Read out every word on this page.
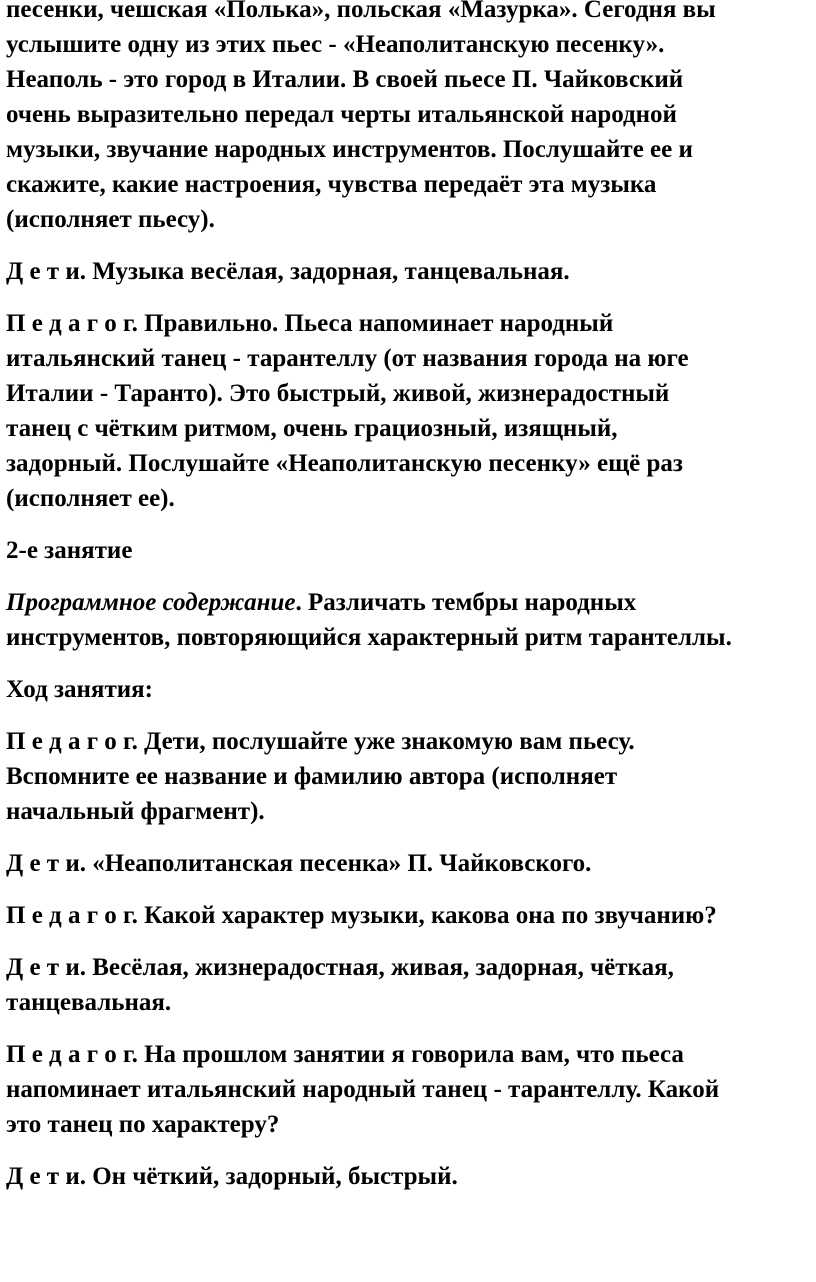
песенки, чешская «Полька», польская «Мазурка». Сегодня вы
услышите одну из этих пьес - «Неаполитанскую песенку».
Неаполь - это город в Италии. В своей пьесе П. Чайковский
очень выразительно передал черты итальянской народной
музыки, звучание народных инструментов. Послушайте ее и
скажите, какие настроения, чувства передаёт эта музыка
(исполняет пьесу).

Д е т и. Музыка весёлая, задорная, танцевальная.

П е д а г о г. Правильно. Пьеса напоминает народный
итальянский танец - тарантеллу (от названия города на юге
Италии - Таранто). Это быстрый, живой, жизнерадостный
танец с чётким ритмом, очень грациозный, изящный,
задорный. Послушайте «Неаполитанскую песенку» ещё раз
(исполняет ее).

2-е занятие

Программное содержание. Различать тембры народных
инструментов, повторяющийся характерный ритм тарантеллы.

Ход занятия:

П е д а г о г. Дети, послушайте уже знакомую вам пьесу.
Вспомните ее название и фамилию автора (исполняет
начальный фрагмент).

Д е т и. «Неаполитанская песенка» П. Чайковского.

П е д а г о г. Какой характер музыки, какова она по звучанию?

Д е т и. Весёлая, жизнерадостная, живая, задорная, чёткая,
танцевальная.

П е д а г о г. На прошлом занятии я говорила вам, что пьеса
напоминает итальянский народный танец - тарантеллу. Какой
это танец по характеру?

Д е т и. Он чёткий, задорный, быстрый.
